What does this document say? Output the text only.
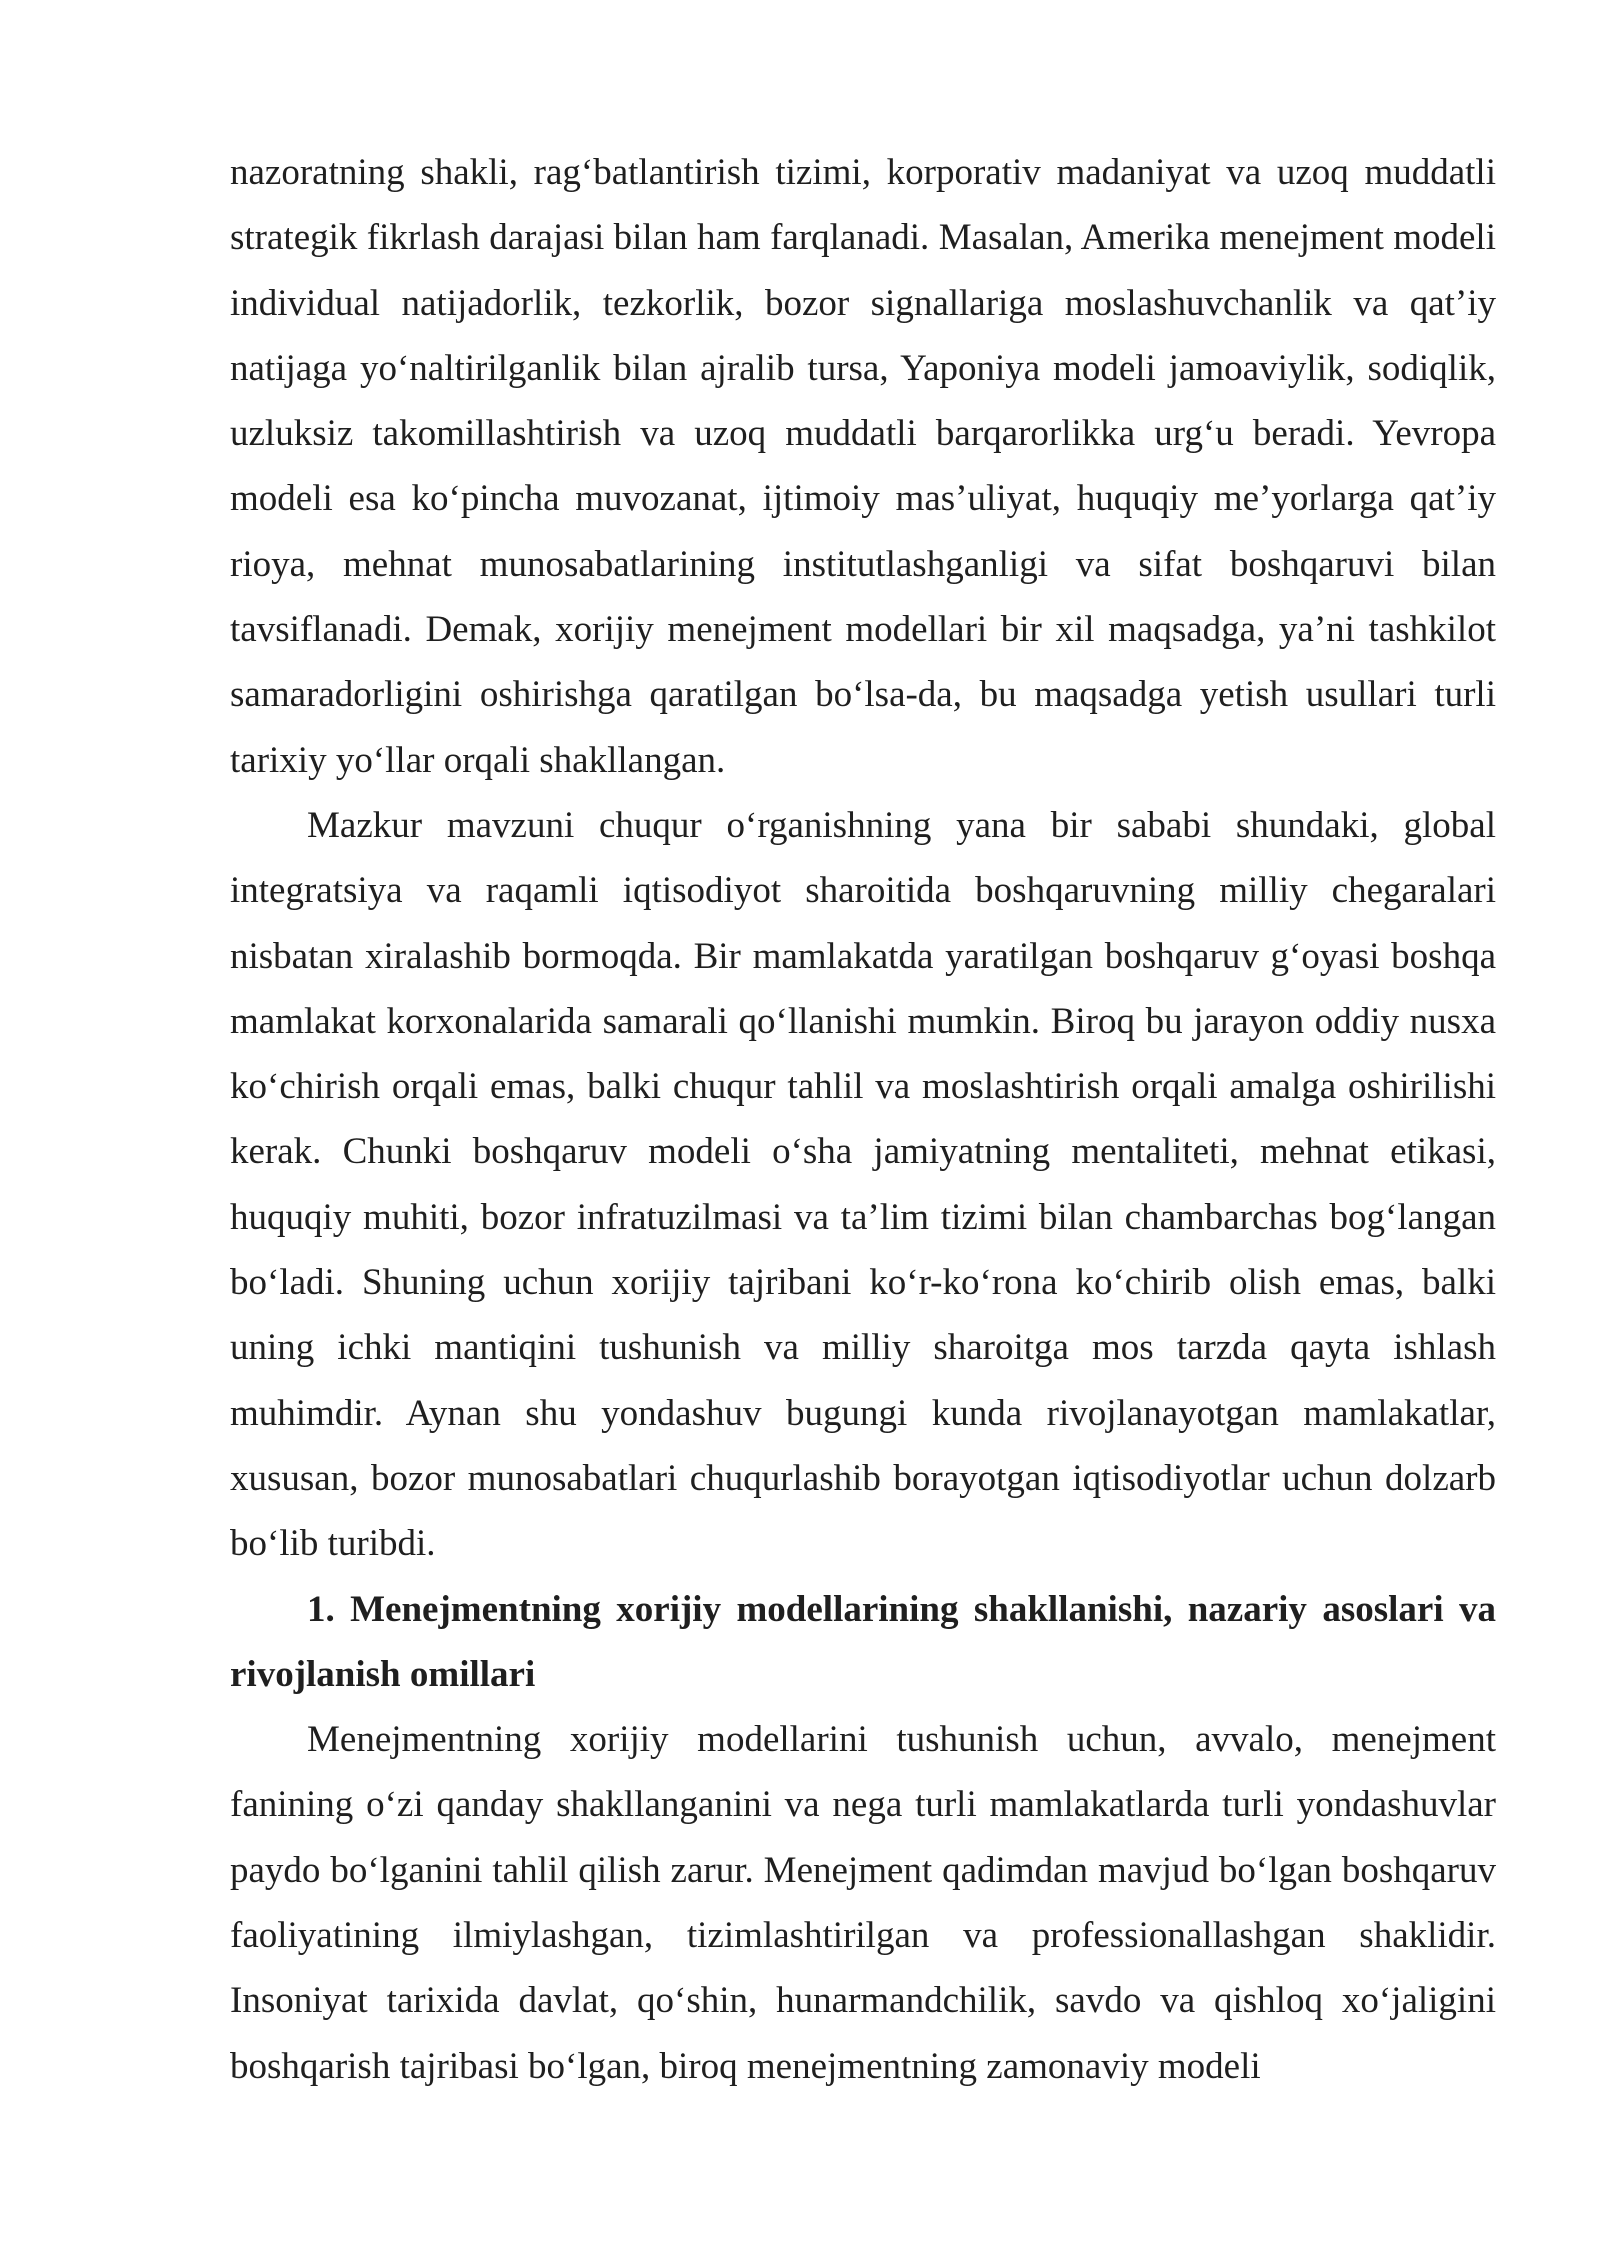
nazoratning shakli, rag‘batlantirish tizimi, korporativ madaniyat va uzoq muddatli strategik fikrlash darajasi bilan ham farqlanadi. Masalan, Amerika menejment modeli individual natijadorlik, tezkorlik, bozor signallariga moslashuvchanlik va qat’iy natijaga yo‘naltirilganlik bilan ajralib tursa, Yaponiya modeli jamoaviylik, sodiqlik, uzluksiz takomillashtirish va uzoq muddatli barqarorlikka urg‘u beradi. Yevropa modeli esa ko‘pincha muvozanat, ijtimoiy mas’uliyat, huquqiy me’yorlarga qat’iy rioya, mehnat munosabatlarining institutlashganligi va sifat boshqaruvi bilan tavsiflanadi. Demak, xorijiy menejment modellari bir xil maqsadga, ya’ni tashkilot samaradorligini oshirishga qaratilgan bo‘lsa-da, bu maqsadga yetish usullari turli tarixiy yo‘llar orqali shakllangan.

Mazkur mavzuni chuqur o‘rganishning yana bir sababi shundaki, global integratsiya va raqamli iqtisodiyot sharoitida boshqaruvning milliy chegaralari nisbatan xiralashib bormoqda. Bir mamlakatda yaratilgan boshqaruv g‘oyasi boshqa mamlakat korxonalarida samarali qo‘llanishi mumkin. Biroq bu jarayon oddiy nusxa ko‘chirish orqali emas, balki chuqur tahlil va moslashtirish orqali amalga oshirilishi kerak. Chunki boshqaruv modeli o‘sha jamiyatning mentaliteti, mehnat etikasi, huquqiy muhiti, bozor infratuzilmasi va ta’lim tizimi bilan chambarchas bog‘langan bo‘ladi. Shuning uchun xorijiy tajribani ko‘r-ko‘rona ko‘chirib olish emas, balki uning ichki mantiqini tushunish va milliy sharoitga mos tarzda qayta ishlash muhimdir. Aynan shu yondashuv bugungi kunda rivojlanayotgan mamlakatlar, xususan, bozor munosabatlari chuqurlashib borayotgan iqtisodiyotlar uchun dolzarb bo‘lib turibdi.

1. Menejmentning xorijiy modellarining shakllanishi, nazariy asoslari va rivojlanish omillari

Menejmentning xorijiy modellarini tushunish uchun, avvalo, menejment fanining o‘zi qanday shakllanganini va nega turli mamlakatlarda turli yondashuvlar paydo bo‘lganini tahlil qilish zarur. Menejment qadimdan mavjud bo‘lgan boshqaruv faoliyatining ilmiylashgan, tizimlashtirilgan va professionallashgan shaklidir. Insoniyat tarixida davlat, qo‘shin, hunarmandchilik, savdo va qishloq xo‘jaligini boshqarish tajribasi bo‘lgan, biroq menejmentning zamonaviy modeli
